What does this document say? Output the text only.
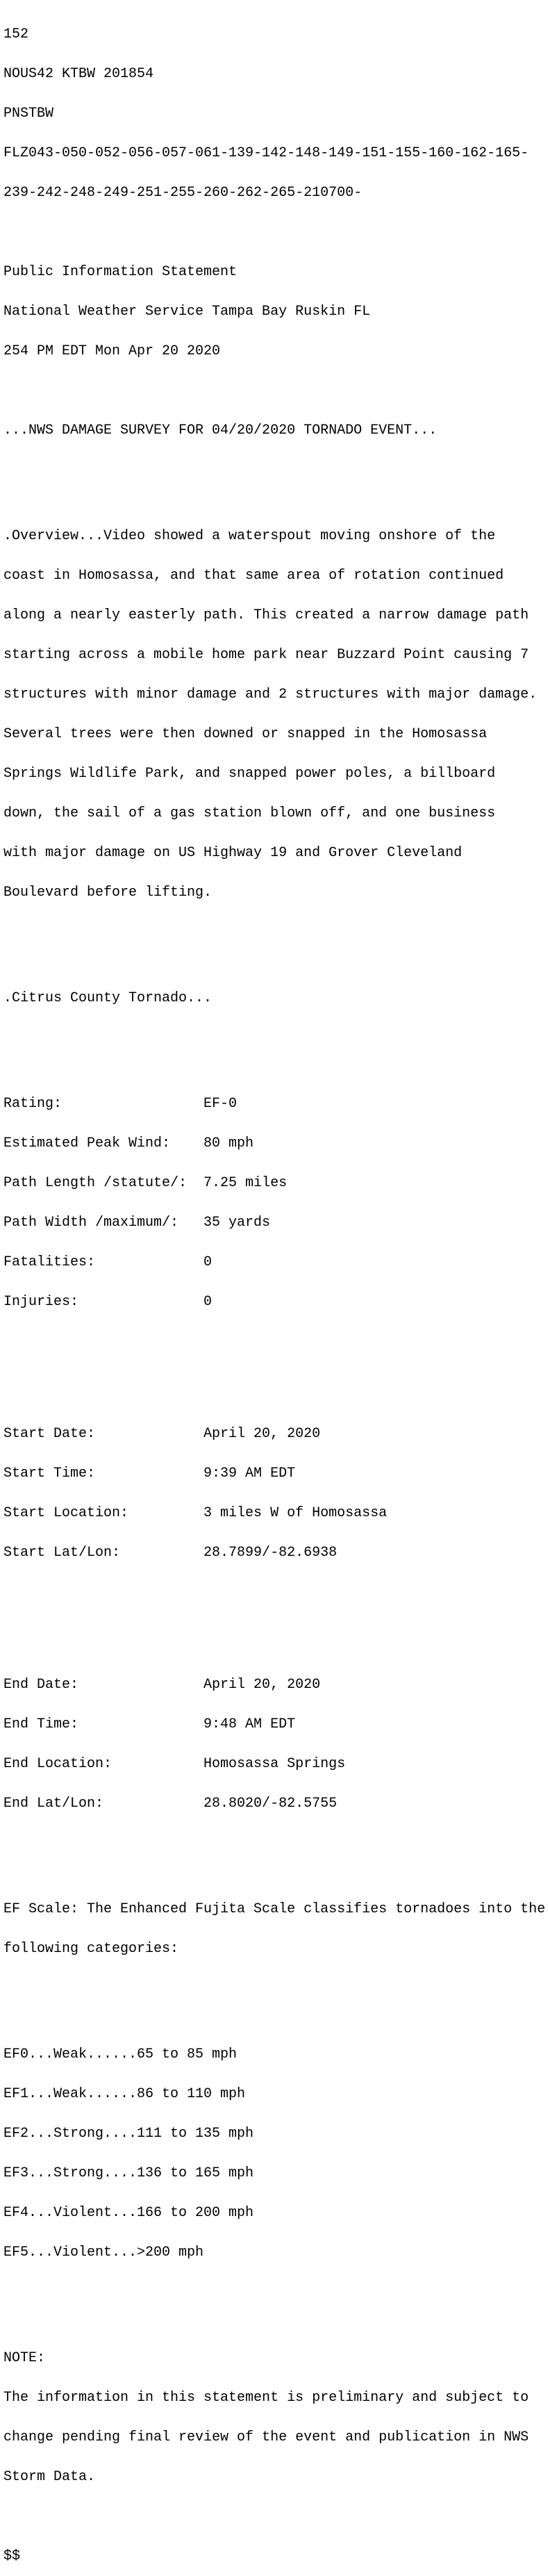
152

NOUS42 KTBW 201854

PNSTBW

FLZ043-050-052-056-057-061-139-142-148-149-151-155-160-162-165-

239-242-248-249-251-255-260-262-265-210700-

Public Information Statement

National Weather Service Tampa Bay Ruskin FL

254 PM EDT Mon Apr 20 2020

...NWS DAMAGE SURVEY FOR 04/20/2020 TORNADO EVENT...

.Overview...Video showed a waterspout moving onshore of the

coast in Homosassa, and that same area of rotation continued

along a nearly easterly path. This created a narrow damage path

starting across a mobile home park near Buzzard Point causing 7

structures with minor damage and 2 structures with major damage.

Several trees were then downed or snapped in the Homosassa

Springs Wildlife Park, and snapped power poles, a billboard

down, the sail of a gas station blown off, and one business

with major damage on US Highway 19 and Grover Cleveland

Boulevard before lifting.

.Citrus County Tornado...

Rating:                 EF-0

Estimated Peak Wind:    80 mph

Path Length /statute/:  7.25 miles

Path Width /maximum/:   35 yards

Fatalities:             0

Injuries:               0

Start Date:             April 20, 2020

Start Time:             9:39 AM EDT

Start Location:         3 miles W of Homosassa

Start Lat/Lon:          28.7899/-82.6938

End Date:               April 20, 2020

End Time:               9:48 AM EDT

End Location:           Homosassa Springs

End Lat/Lon:            28.8020/-82.5755

EF Scale: The Enhanced Fujita Scale classifies tornadoes into the

following categories:

EF0...Weak......65 to 85 mph

EF1...Weak......86 to 110 mph

EF2...Strong....111 to 135 mph

EF3...Strong....136 to 165 mph

EF4...Violent...166 to 200 mph

EF5...Violent...>200 mph

NOTE:

The information in this statement is preliminary and subject to

change pending final review of the event and publication in NWS

Storm Data.

$$
